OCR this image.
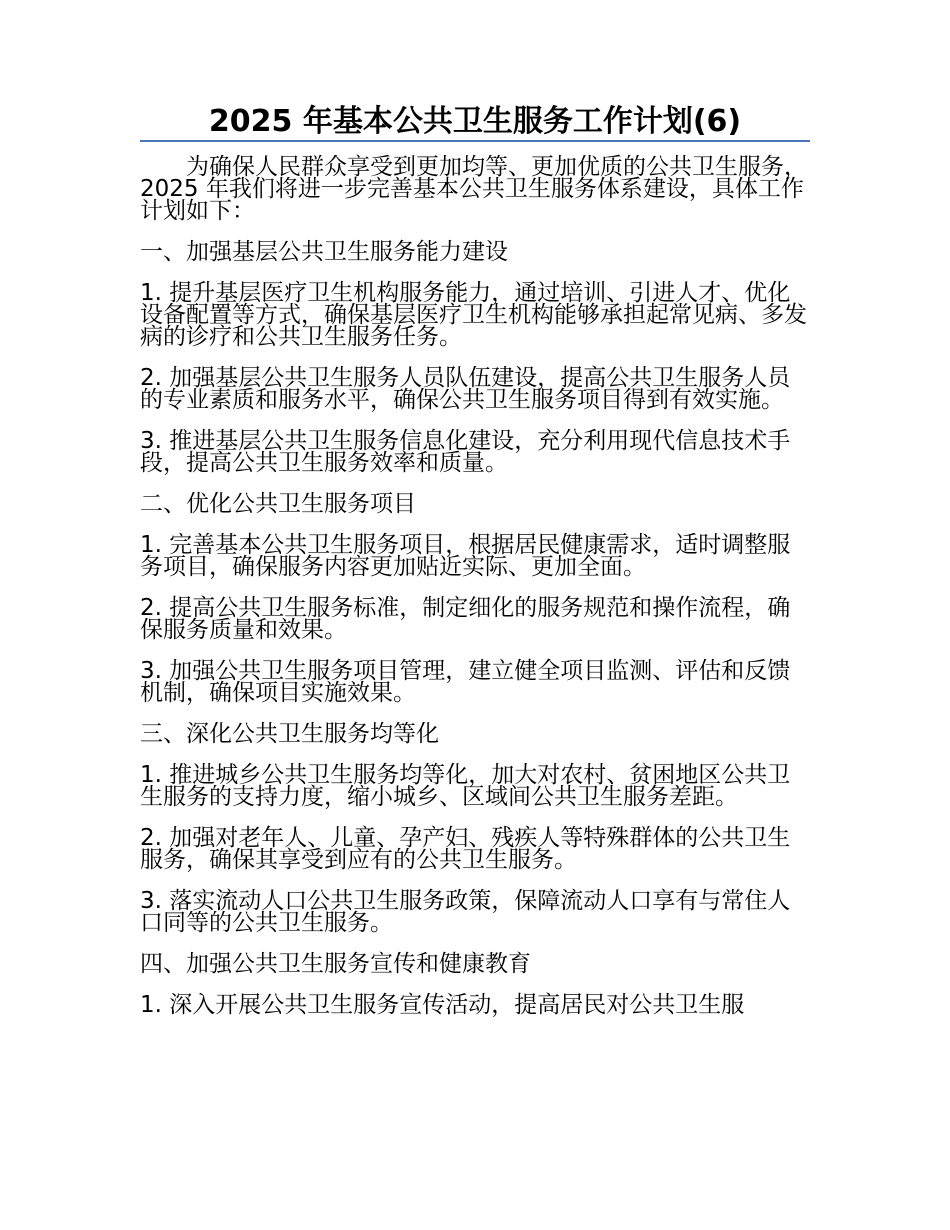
2025 年基本公共卫生服务工作计划(6)

为确保人民群众享受到更加均等、更加优质的公共卫生服务，2025 年我们将进一步完善基本公共卫生服务体系建设，具体工作计划如下：

一、加强基层公共卫生服务能力建设

1. 提升基层医疗卫生机构服务能力，通过培训、引进人才、优化设备配置等方式，确保基层医疗卫生机构能够承担起常见病、多发病的诊疗和公共卫生服务任务。

2. 加强基层公共卫生服务人员队伍建设，提高公共卫生服务人员的专业素质和服务水平，确保公共卫生服务项目得到有效实施。

3. 推进基层公共卫生服务信息化建设，充分利用现代信息技术手段，提高公共卫生服务效率和质量。

二、优化公共卫生服务项目

1. 完善基本公共卫生服务项目，根据居民健康需求，适时调整服务项目，确保服务内容更加贴近实际、更加全面。

2. 提高公共卫生服务标准，制定细化的服务规范和操作流程，确保服务质量和效果。

3. 加强公共卫生服务项目管理，建立健全项目监测、评估和反馈机制，确保项目实施效果。

三、深化公共卫生服务均等化

1. 推进城乡公共卫生服务均等化，加大对农村、贫困地区公共卫生服务的支持力度，缩小城乡、区域间公共卫生服务差距。

2. 加强对老年人、儿童、孕产妇、残疾人等特殊群体的公共卫生服务，确保其享受到应有的公共卫生服务。

3. 落实流动人口公共卫生服务政策，保障流动人口享有与常住人口同等的公共卫生服务。

四、加强公共卫生服务宣传和健康教育

1. 深入开展公共卫生服务宣传活动，提高居民对公共卫生服
